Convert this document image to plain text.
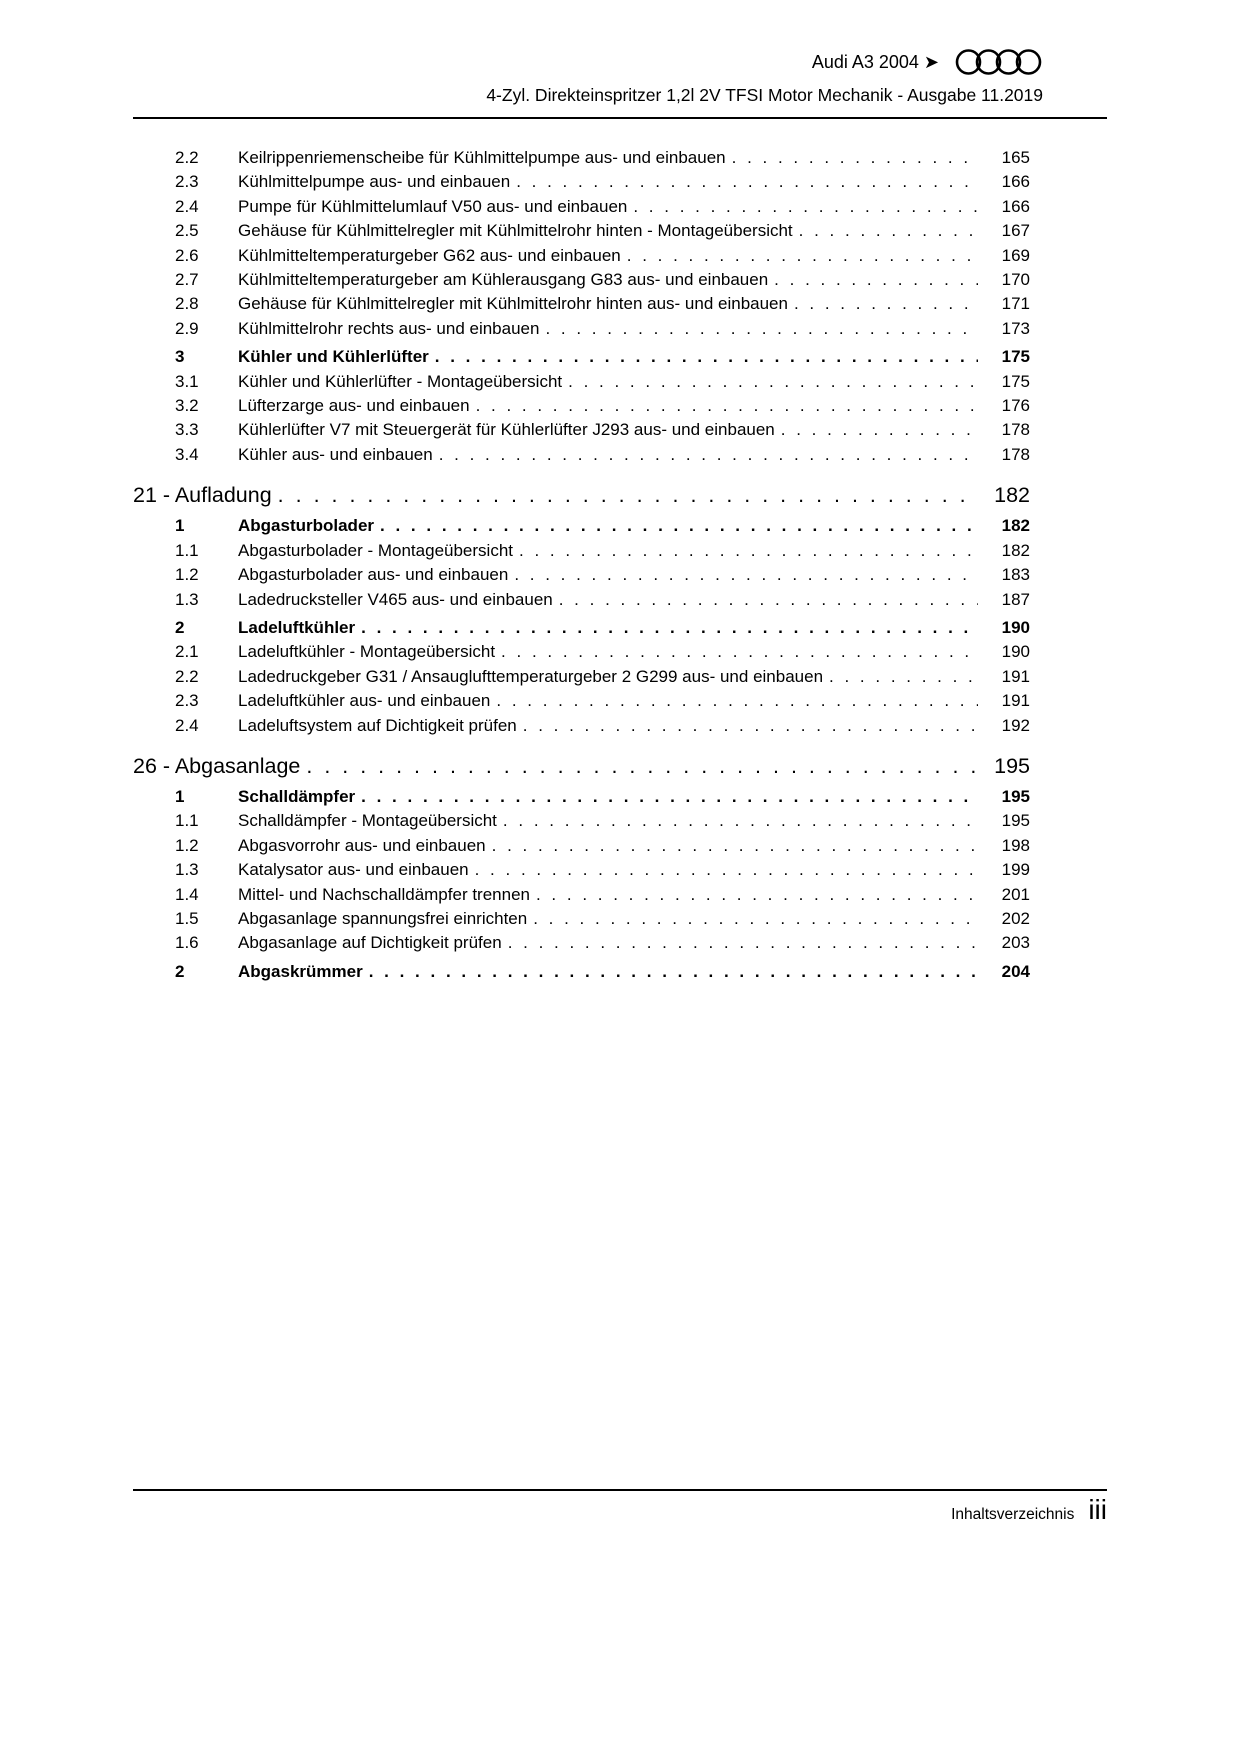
Audi A3 2004 ➤
4-Zyl. Direkteinspritzer 1,2l 2V TFSI Motor Mechanik - Ausgabe 11.2019
2.2	Keilrippenriemenscheibe für Kühlmittelpumpe aus- und einbauen . . .	165
2.3	Kühlmittelpumpe aus- und einbauen . . .	166
2.4	Pumpe für Kühlmittelumlauf V50 aus- und einbauen . . .	166
2.5	Gehäuse für Kühlmittelregler mit Kühlmittelrohr hinten - Montageübersicht . . .	167
2.6	Kühlmitteltemperaturgeber G62 aus- und einbauen . . .	169
2.7	Kühlmitteltemperaturgeber am Kühlerausgang G83 aus- und einbauen . . .	170
2.8	Gehäuse für Kühlmittelregler mit Kühlmittelrohr hinten aus- und einbauen . . .	171
2.9	Kühlmittelrohr rechts aus- und einbauen . . .	173
3	Kühler und Kühlerlüfter . . .	175
3.1	Kühler und Kühlerlüfter - Montageübersicht . . .	175
3.2	Lüfterzarge aus- und einbauen . . .	176
3.3	Kühlerlüfter V7 mit Steuergerät für Kühlerlüfter J293 aus- und einbauen . . .	178
3.4	Kühler aus- und einbauen . . .	178
21 - Aufladung . . .	182
1	Abgasturbolader . . .	182
1.1	Abgasturbolader - Montageübersicht . . .	182
1.2	Abgasturbolader aus- und einbauen . . .	183
1.3	Ladedrucksteller V465 aus- und einbauen . . .	187
2	Ladeluftkühler . . .	190
2.1	Ladeluftkühler - Montageübersicht . . .	190
2.2	Ladedruckgeber G31 / Ansauglufttemperaturgeber 2 G299 aus- und einbauen . . .	191
2.3	Ladeluftkühler aus- und einbauen . . .	191
2.4	Ladeluftsystem auf Dichtigkeit prüfen . . .	192
26 - Abgasanlage . . .	195
1	Schalldämpfer . . .	195
1.1	Schalldämpfer - Montageübersicht . . .	195
1.2	Abgasvorrohr aus- und einbauen . . .	198
1.3	Katalysator aus- und einbauen . . .	199
1.4	Mittel- und Nachschalldämpfer trennen . . .	201
1.5	Abgasanlage spannungsfrei einrichten . . .	202
1.6	Abgasanlage auf Dichtigkeit prüfen . . .	203
2	Abgaskrümmer . . .	204
Inhaltsverzeichnis iii
